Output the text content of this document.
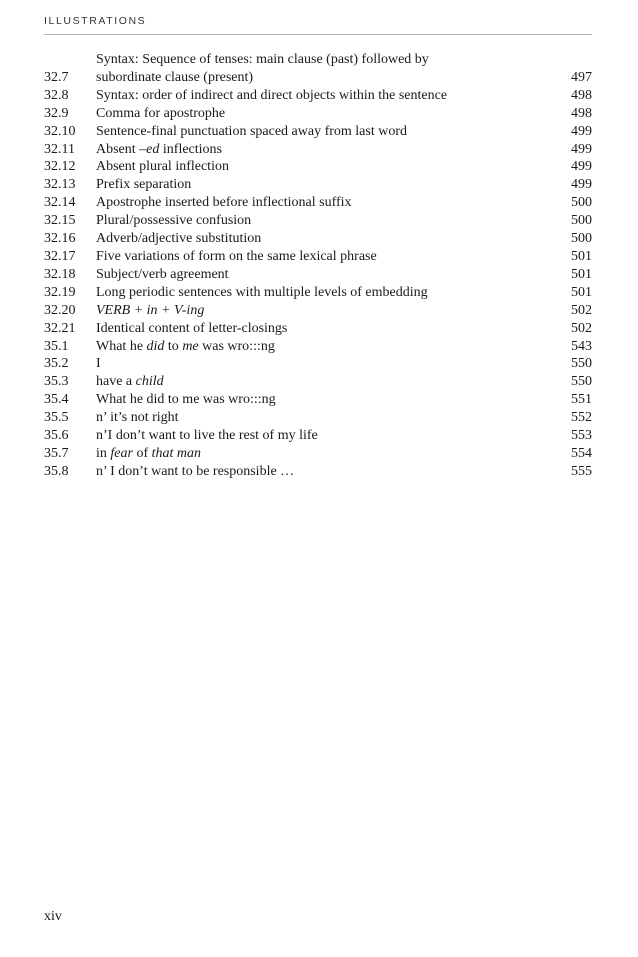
ILLUSTRATIONS
32.7
Syntax: Sequence of tenses: main clause (past) followed by
subordinate clause (present)	497
32.8	Syntax: order of indirect and direct objects within the sentence	498
32.9	Comma for apostrophe	498
32.10	Sentence-final punctuation spaced away from last word	499
32.11	Absent –ed inflections	499
32.12	Absent plural inflection	499
32.13	Prefix separation	499
32.14	Apostrophe inserted before inflectional suffix	500
32.15	Plural/possessive confusion	500
32.16	Adverb/adjective substitution	500
32.17	Five variations of form on the same lexical phrase	501
32.18	Subject/verb agreement	501
32.19	Long periodic sentences with multiple levels of embedding	501
32.20	VERB + in + V-ing	502
32.21	Identical content of letter-closings	502
35.1	What he did to me was wro:::ng	543
35.2	I	550
35.3	have a child	550
35.4	What he did to me was wro:::ng	551
35.5	n’ it’s not right	552
35.6	n’I don’t want to live the rest of my life	553
35.7	in fear of that man	554
35.8	n’ I don’t want to be responsible …	555
xiv
